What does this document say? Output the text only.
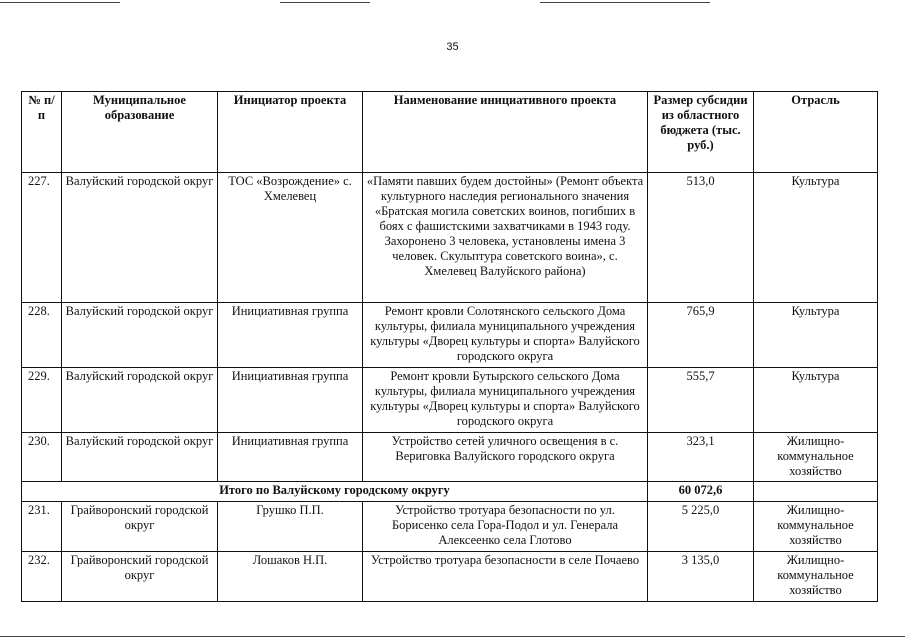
35
№ п/п	Муниципальное образование	Инициатор проекта	Наименование инициативного проекта	Размер субсидии из областного бюджета (тыс. руб.)	Отрасль
227.	Валуйский городской округ	ТОС «Возрождение» с. Хмелевец	«Памяти павших будем достойны» (Ремонт объекта культурного наследия регионального значения «Братская могила советских воинов, погибших в боях с фашистскими захватчиками в 1943 году. Захоронено 3 человека, установлены имена 3 человек. Скульптура советского воина», с. Хмелевец Валуйского района)	513,0	Культура
228.	Валуйский городской округ	Инициативная группа	Ремонт кровли Солотянского сельского Дома культуры, филиала муниципального учреждения культуры «Дворец культуры и спорта» Валуйского городского округа	765,9	Культура
229.	Валуйский городской округ	Инициативная группа	Ремонт кровли Бутырского сельского Дома культуры, филиала муниципального учреждения культуры «Дворец культуры и спорта» Валуйского городского округа	555,7	Культура
230.	Валуйский городской округ	Инициативная группа	Устройство сетей уличного освещения в с. Вериговка Валуйского городского округа	323,1	Жилищно-коммунальное хозяйство
Итого по Валуйскому городскому округу				60 072,6	
231.	Грайворонский городской округ	Грушко П.П.	Устройство тротуара безопасности по ул. Борисенко села Гора-Подол и ул. Генерала Алексеенко села Глотово	5 225,0	Жилищно-коммунальное хозяйство
232.	Грайворонский городской округ	Лошаков Н.П.	Устройство тротуара безопасности в селе Почаево	3 135,0	Жилищно-коммунальное хозяйство
